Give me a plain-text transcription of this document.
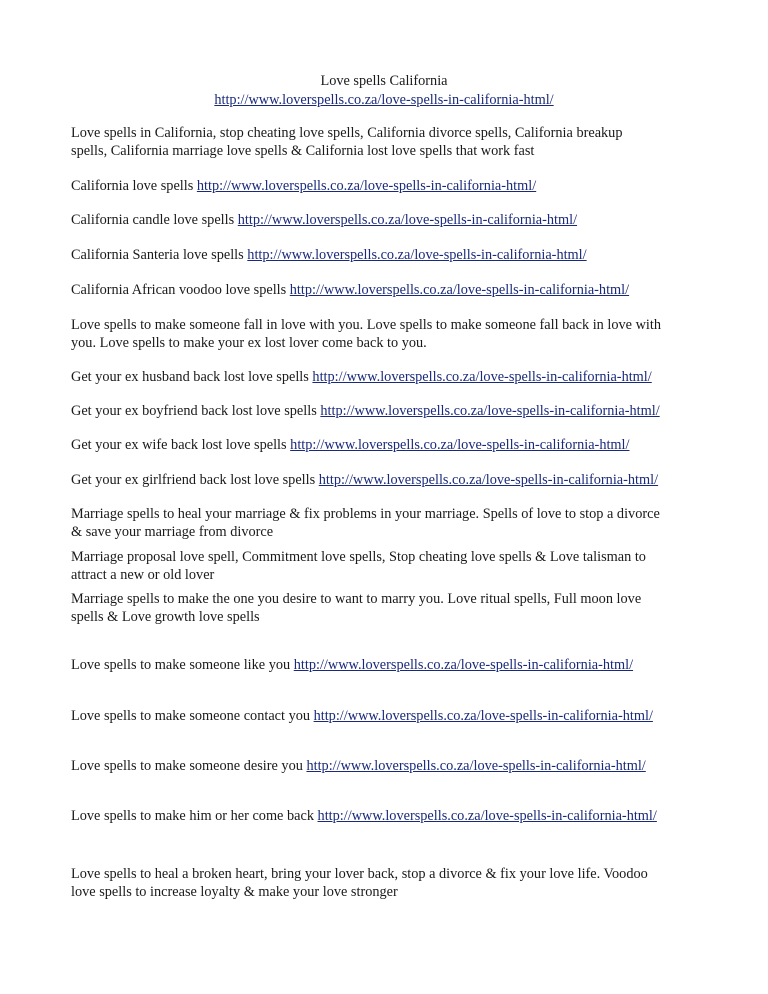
Love spells California

http://www.loverspells.co.za/love-spells-in-california-html/

Love spells in California, stop cheating love spells, California divorce spells, California breakup

spells, California marriage love spells & California lost love spells that work fast

California love spells http://www.loverspells.co.za/love-spells-in-california-html/

California candle love spells http://www.loverspells.co.za/love-spells-in-california-html/

California Santeria love spells http://www.loverspells.co.za/love-spells-in-california-html/

California African voodoo love spells http://www.loverspells.co.za/love-spells-in-california-html/

Love spells to make someone fall in love with you. Love spells to make someone fall back in love with

you. Love spells to make your ex lost lover come back to you.

Get your ex husband back lost love spells http://www.loverspells.co.za/love-spells-in-california-html/

Get your ex boyfriend back lost love spells http://www.loverspells.co.za/love-spells-in-california-html/

Get your ex wife back lost love spells http://www.loverspells.co.za/love-spells-in-california-html/

Get your ex girlfriend back lost love spells http://www.loverspells.co.za/love-spells-in-california-html/

Marriage spells to heal your marriage & fix problems in your marriage. Spells of love to stop a divorce

& save your marriage from divorce

Marriage proposal love spell, Commitment love spells, Stop cheating love spells & Love talisman to

attract a new or old lover

Marriage spells to make the one you desire to want to marry you. Love ritual spells, Full moon love

spells & Love growth love spells

Love spells to make someone like you http://www.loverspells.co.za/love-spells-in-california-html/

Love spells to make someone contact you http://www.loverspells.co.za/love-spells-in-california-html/

Love spells to make someone desire you http://www.loverspells.co.za/love-spells-in-california-html/

Love spells to make him or her come back http://www.loverspells.co.za/love-spells-in-california-html/

Love spells to heal a broken heart, bring your lover back, stop a divorce & fix your love life. Voodoo

love spells to increase loyalty & make your love stronger
